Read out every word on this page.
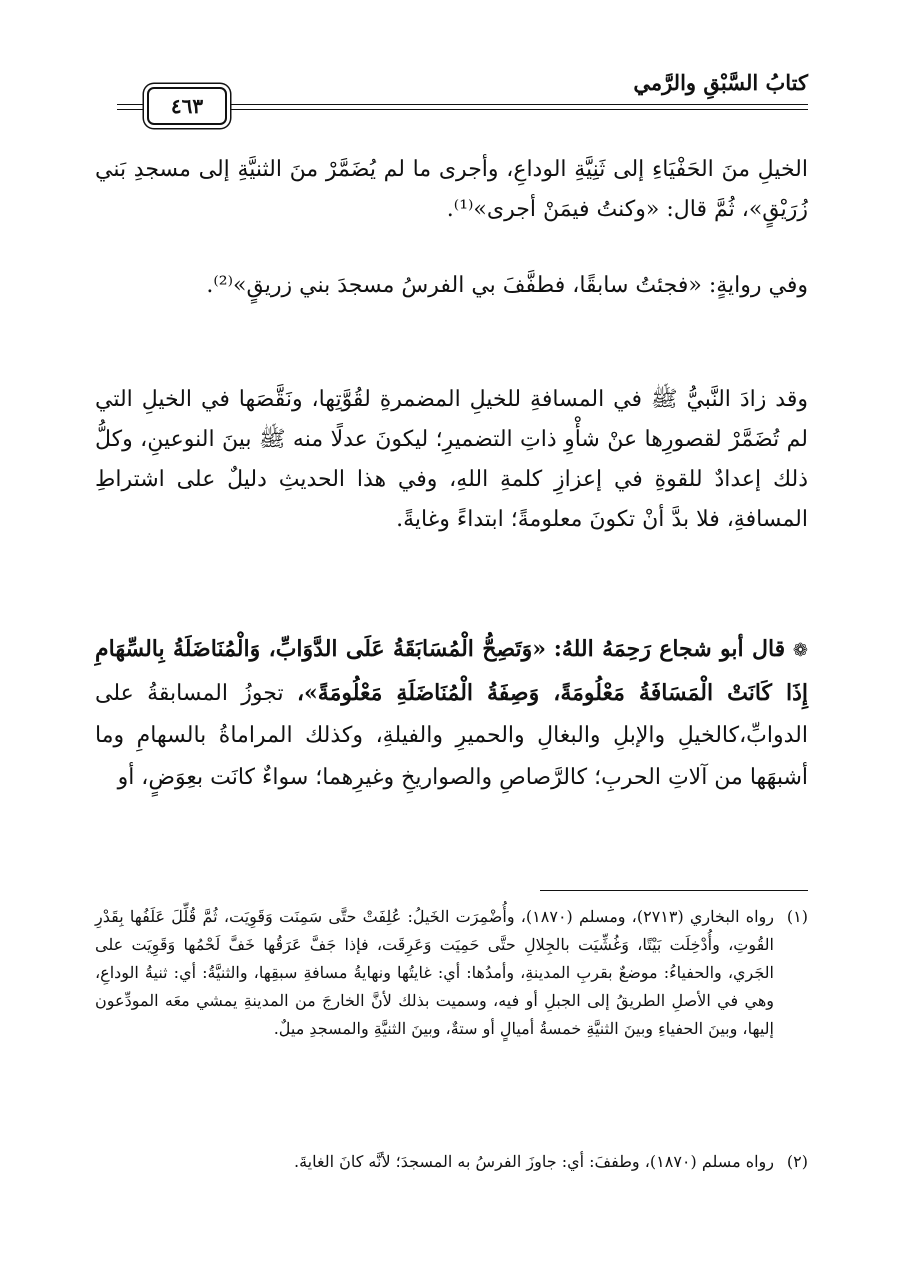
كتابُ السَّبْقِ والرَّمي
٤٦٣

الخيلِ منَ الحَفْيَاءِ إلى ثَنِيَّةِ الوداعِ، وأجرى ما لم يُضَمَّرْ منَ الثنيَّةِ إلى مسجدِ بَني زُرَيْقٍ»، ثُمَّ قال: «وكنتُ فيمَنْ أجرى»⁽¹⁾.

وفي روايةٍ: «فجئتُ سابقًا، فطفَّفَ بي الفرسُ مسجدَ بني زريقٍ»⁽²⁾.

وقد زادَ النَّبيُّ ﷺ في المسافةِ للخيلِ المضمرةِ لقُوَّتِها، ونَقَّصَها في الخيلِ التي لم تُضَمَّرْ لقصورِها عنْ شأْوِ ذاتِ التضميرِ؛ ليكونَ عدلًا منه ﷺ بينَ النوعينِ، وكلُّ ذلك إعدادٌ للقوةِ في إعزازِ كلمةِ اللهِ، وفي هذا الحديثِ دليلٌ على اشتراطِ المسافةِ، فلا بدَّ أنْ تكونَ معلومةً؛ ابتداءً وغايةً.

❁ قال أبو شجاع رَحِمَهُ اللهُ: «وَتَصِحُّ الْمُسَابَقَةُ عَلَى الدَّوَابِّ، وَالْمُنَاضَلَةُ بِالسِّهَامِ إِذَا كَانَتْ الْمَسَافَةُ مَعْلُومَةً، وَصِفَةُ الْمُنَاضَلَةِ مَعْلُومَةً»، تجوزُ المسابقةُ على الدوابِّ،كالخيلِ والإبلِ والبغالِ والحميرِ والفيلةِ، وكذلك المراماةُ بالسهامِ وما أشبهَها من آلاتِ الحربِ؛ كالرَّصاصِ والصواريخِ وغيرِهما؛ سواءٌ كانَت بعِوَضٍ، أو

(١)
رواه البخاري (٢٧١٣)، ومسلم (١٨٧٠)، وأُضْمِرَت الخَيلُ: عُلِفَتْ حتَّى سَمِنَت وَقَوِيَت، ثُمَّ قُلِّلَ عَلَفُها بِقَدْرِ القُوتِ، وأُدْخِلَت بَيْتًا، وَغُشِّيَت بالجِلالِ حتَّى حَمِيَت وَعَرِقَت، فإذا جَفَّ عَرَقُها خَفَّ لَحْمُها وَقَوِيَت على الجَري، والحفياءُ: موضعٌ بقربِ المدينةِ، وأمدُها: أي: غايتُها ونهايةُ مسافةِ سبقِها، والثنيَّةُ: أي: ثنيةُ الوداعِ، وهي في الأصلِ الطريقُ إلى الجبلِ أو فيه، وسميت بذلك لأنَّ الخارجَ من المدينةِ يمشي معَه المودِّعون إليها، وبينَ الحفياءِ وبينَ الثنيَّةِ خمسةُ أميالٍ أو ستةٌ، وبينَ الثنيَّةِ والمسجدِ ميلٌ.

(٢)
رواه مسلم (١٨٧٠)، وطففَ: أي: جاوزَ الفرسُ به المسجدَ؛ لأنَّه كانَ الغايةَ.
